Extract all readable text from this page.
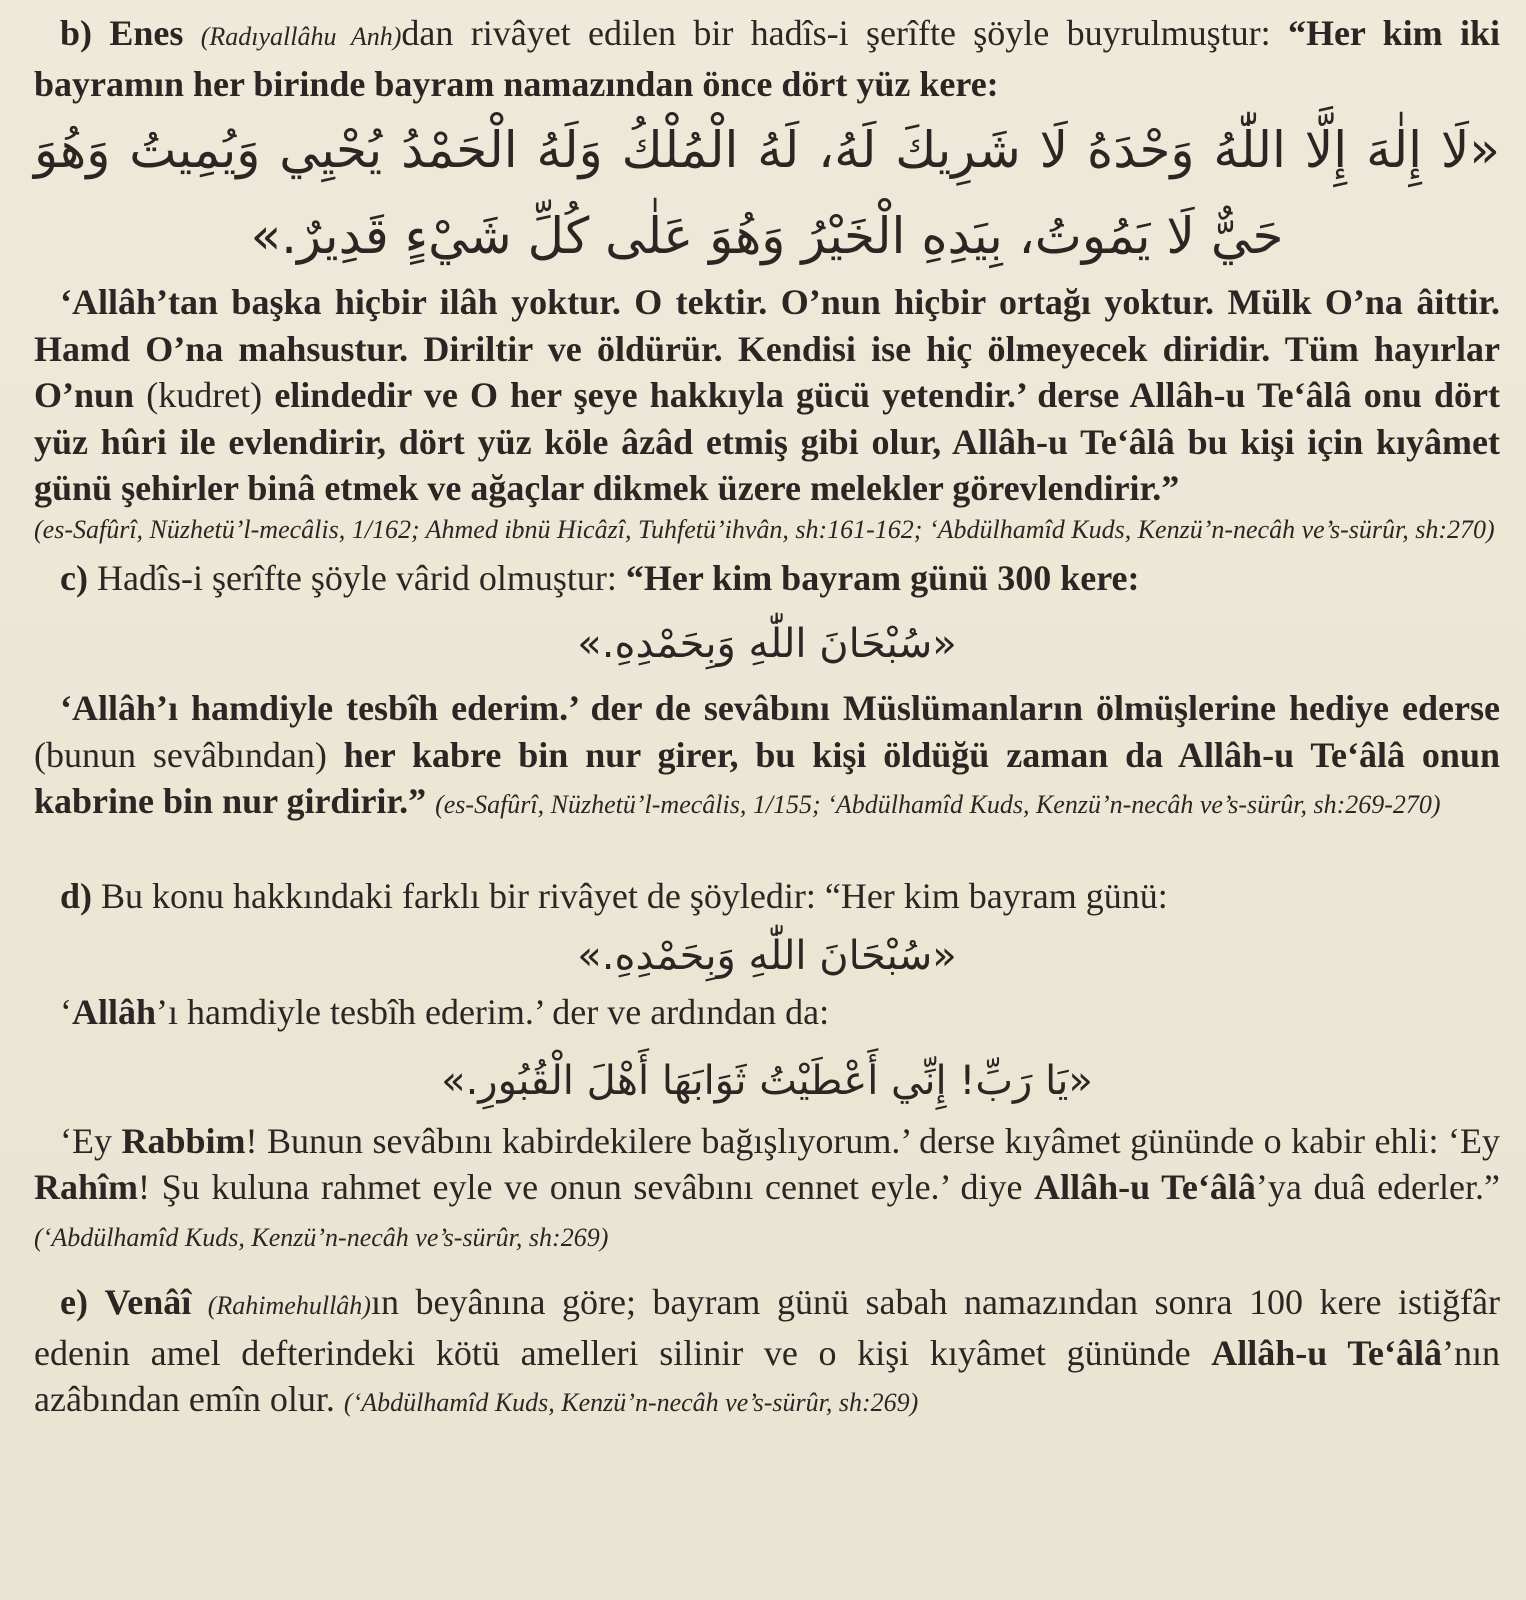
b) Enes (Radıyallâhu Anh)dan rivâyet edilen bir hadîs-i şerîfte şöyle buyrulmuştur: “Her kim iki bayramın her birinde bayram namazından önce dört yüz kere:

«لَا إِلٰهَ إِلَّا اللّٰهُ وَحْدَهُ لَا شَرِيكَ لَهُ، لَهُ الْمُلْكُ وَلَهُ الْحَمْدُ يُحْيِي وَيُمِيتُ وَهُوَ حَيٌّ لَا يَمُوتُ، بِيَدِهِ الْخَيْرُ وَهُوَ عَلٰى كُلِّ شَيْءٍ قَدِيرٌ.»

‘Allâh’tan başka hiçbir ilâh yoktur. O tektir. O’nun hiçbir ortağı yoktur. Mülk O’na âittir. Hamd O’na mahsustur. Diriltir ve öldürür. Kendisi ise hiç ölmeyecek diridir. Tüm hayırlar O’nun (kudret) elindedir ve O her şeye hakkıyla gücü yetendir.’ derse Allâh-u Te‘âlâ onu dört yüz hûri ile evlendirir, dört yüz köle âzâd etmiş gibi olur, Allâh-u Te‘âlâ bu kişi için kıyâmet günü şehirler binâ etmek ve ağaçlar dikmek üzere melekler görevlendirir.”

(es-Safûrî, Nüzhetü’l-mecâlis, 1/162; Ahmed ibnü Hicâzî, Tuhfetü’ihvân, sh:161-162; ‘Abdülhamîd Kuds, Kenzü’n-necâh ve’s-sürûr, sh:270)

c) Hadîs-i şerîfte şöyle vârid olmuştur: “Her kim bayram günü 300 kere:

«سُبْحَانَ اللّٰهِ وَبِحَمْدِهِ.»

‘Allâh’ı hamdiyle tesbîh ederim.’ der de sevâbını Müslümanların ölmüşlerine hediye ederse (bunun sevâbından) her kabre bin nur girer, bu kişi öldüğü zaman da Allâh-u Te‘âlâ onun kabrine bin nur girdirir.” (es-Safûrî, Nüzhetü’l-mecâlis, 1/155; ‘Abdülhamîd Kuds, Kenzü’n-necâh ve’s-sürûr, sh:269-270)

d) Bu konu hakkındaki farklı bir rivâyet de şöyledir: “Her kim bayram günü:

«سُبْحَانَ اللّٰهِ وَبِحَمْدِهِ.»

‘Allâh’ı hamdiyle tesbîh ederim.’ der ve ardından da:

«يَا رَبِّ! إِنِّي أَعْطَيْتُ ثَوَابَهَا أَهْلَ الْقُبُورِ.»

‘Ey Rabbim! Bunun sevâbını kabirdekilere bağışlıyorum.’ derse kıyâmet gününde o kabir ehli: ‘Ey Rahîm! Şu kuluna rahmet eyle ve onun sevâbını cennet eyle.’ diye Allâh-u Te‘âlâ’ya duâ ederler.” (‘Abdülhamîd Kuds, Kenzü’n-necâh ve’s-sürûr, sh:269)

e) Venâî (Rahimehullâh)ın beyânına göre; bayram günü sabah namazından sonra 100 kere istiğfâr edenin amel defterindeki kötü amelleri silinir ve o kişi kıyâmet gününde Allâh-u Te‘âlâ’nın azâbından emîn olur. (‘Abdülhamîd Kuds, Kenzü’n-necâh ve’s-sürûr, sh:269)
